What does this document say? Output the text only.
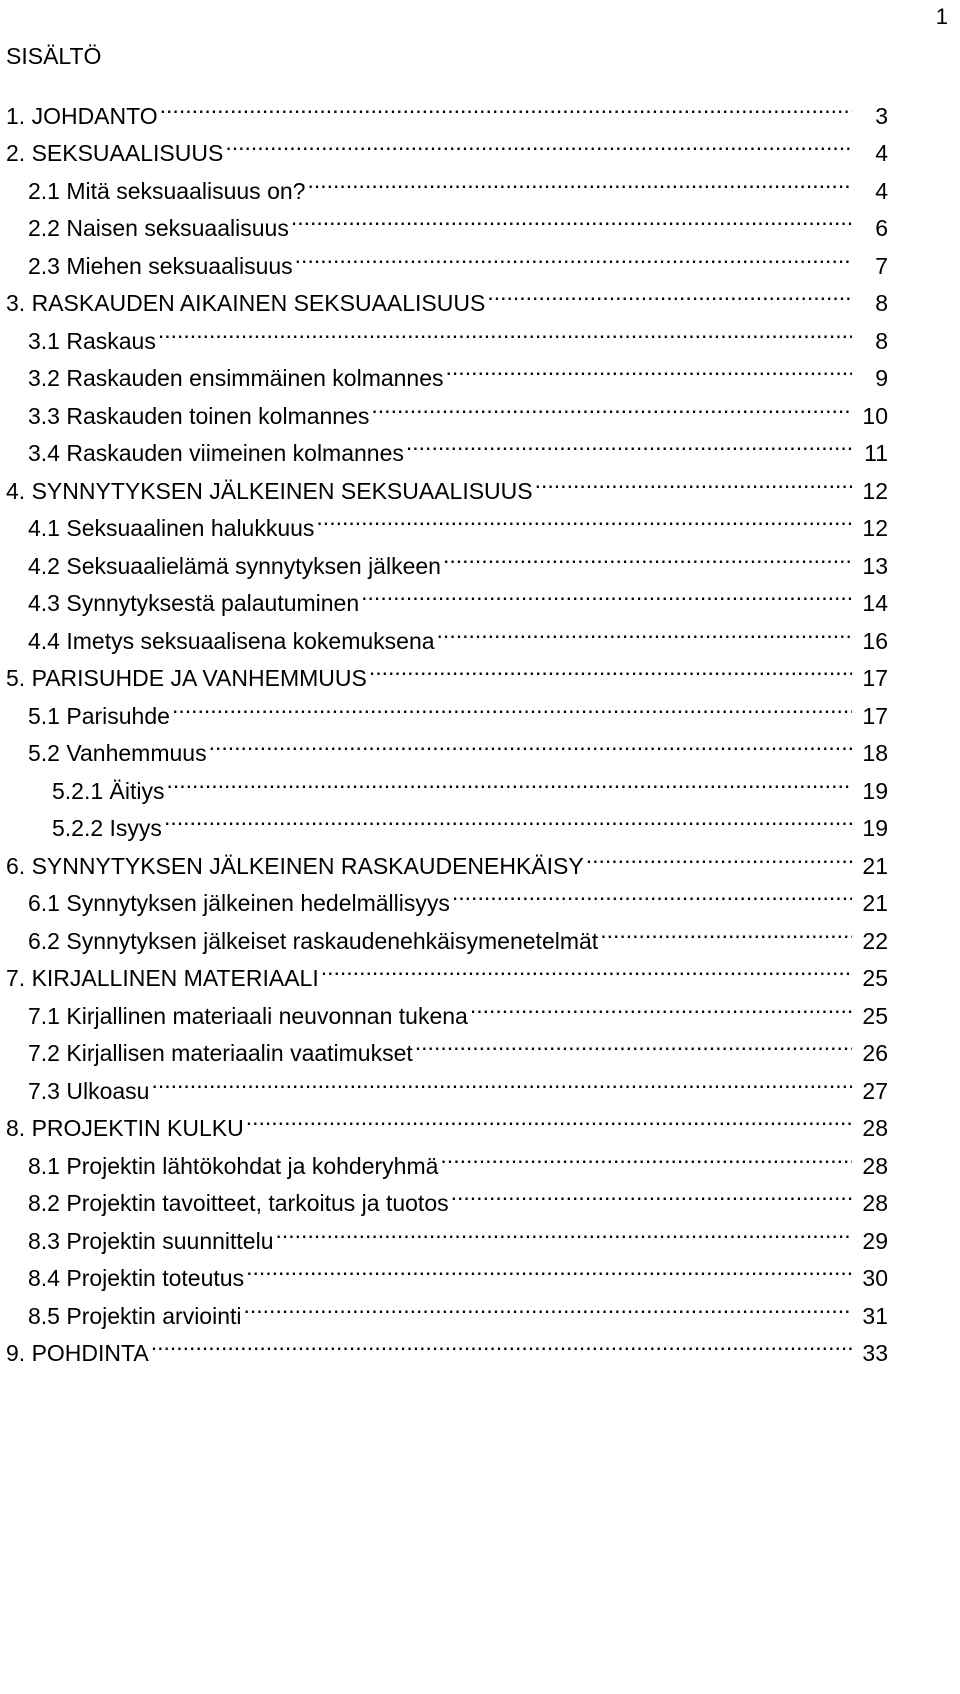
1
SISÄLTÖ
1. JOHDANTO .....	3
2. SEKSUAALISUUS .....	4
2.1 Mitä seksuaalisuus on? .....	4
2.2 Naisen seksuaalisuus .....	6
2.3 Miehen seksuaalisuus .....	7
3. RASKAUDEN AIKAINEN SEKSUAALISUUS .....	8
3.1 Raskaus .....	8
3.2 Raskauden ensimmäinen kolmannes .....	9
3.3 Raskauden toinen kolmannes .....	10
3.4 Raskauden viimeinen kolmannes .....	11
4. SYNNYTYKSEN JÄLKEINEN SEKSUAALISUUS .....	12
4.1 Seksuaalinen halukkuus .....	12
4.2 Seksuaalielämä synnytyksen jälkeen .....	13
4.3 Synnytyksestä palautuminen .....	14
4.4 Imetys seksuaalisena kokemuksena .....	16
5. PARISUHDE JA VANHEMMUUS .....	17
5.1 Parisuhde .....	17
5.2 Vanhemmuus .....	18
5.2.1 Äitiys .....	19
5.2.2 Isyys .....	19
6. SYNNYTYKSEN JÄLKEINEN RASKAUDENEHKÄISY .....	21
6.1 Synnytyksen jälkeinen hedelmällisyys .....	21
6.2 Synnytyksen jälkeiset raskaudenehkäisymenetelmät .....	22
7. KIRJALLINEN MATERIAALI .....	25
7.1 Kirjallinen materiaali neuvonnan tukena .....	25
7.2 Kirjallisen materiaalin vaatimukset .....	26
7.3 Ulkoasu .....	27
8. PROJEKTIN KULKU .....	28
8.1 Projektin lähtökohdat ja kohderyhmä .....	28
8.2 Projektin tavoitteet, tarkoitus ja tuotos .....	28
8.3 Projektin suunnittelu .....	29
8.4 Projektin toteutus .....	30
8.5 Projektin arviointi .....	31
9. POHDINTA .....	33
